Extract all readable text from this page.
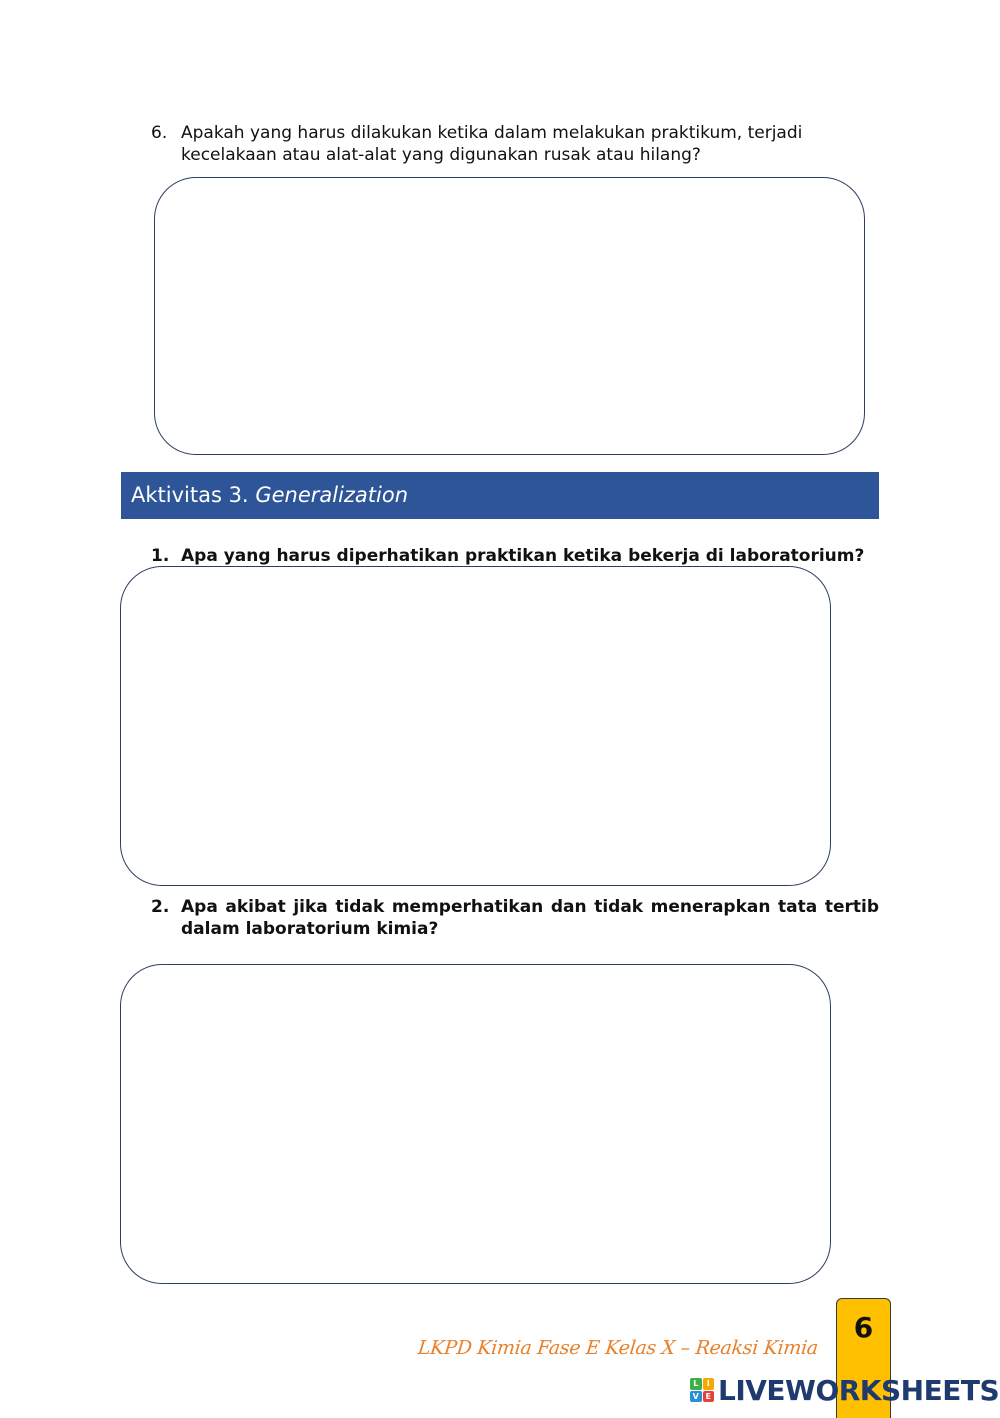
6. Apakah yang harus dilakukan ketika dalam melakukan praktikum, terjadi kecelakaan atau alat-alat yang digunakan rusak atau hilang?
Aktivitas 3. Generalization
1. Apa yang harus diperhatikan praktikan ketika bekerja di laboratorium?
2. Apa akibat jika tidak memperhatikan dan tidak menerapkan tata tertib dalam laboratorium kimia?
LKPD Kimia Fase E Kelas X – Reaksi Kimia
6
L	I
V E LIVEWORKSHEETS
